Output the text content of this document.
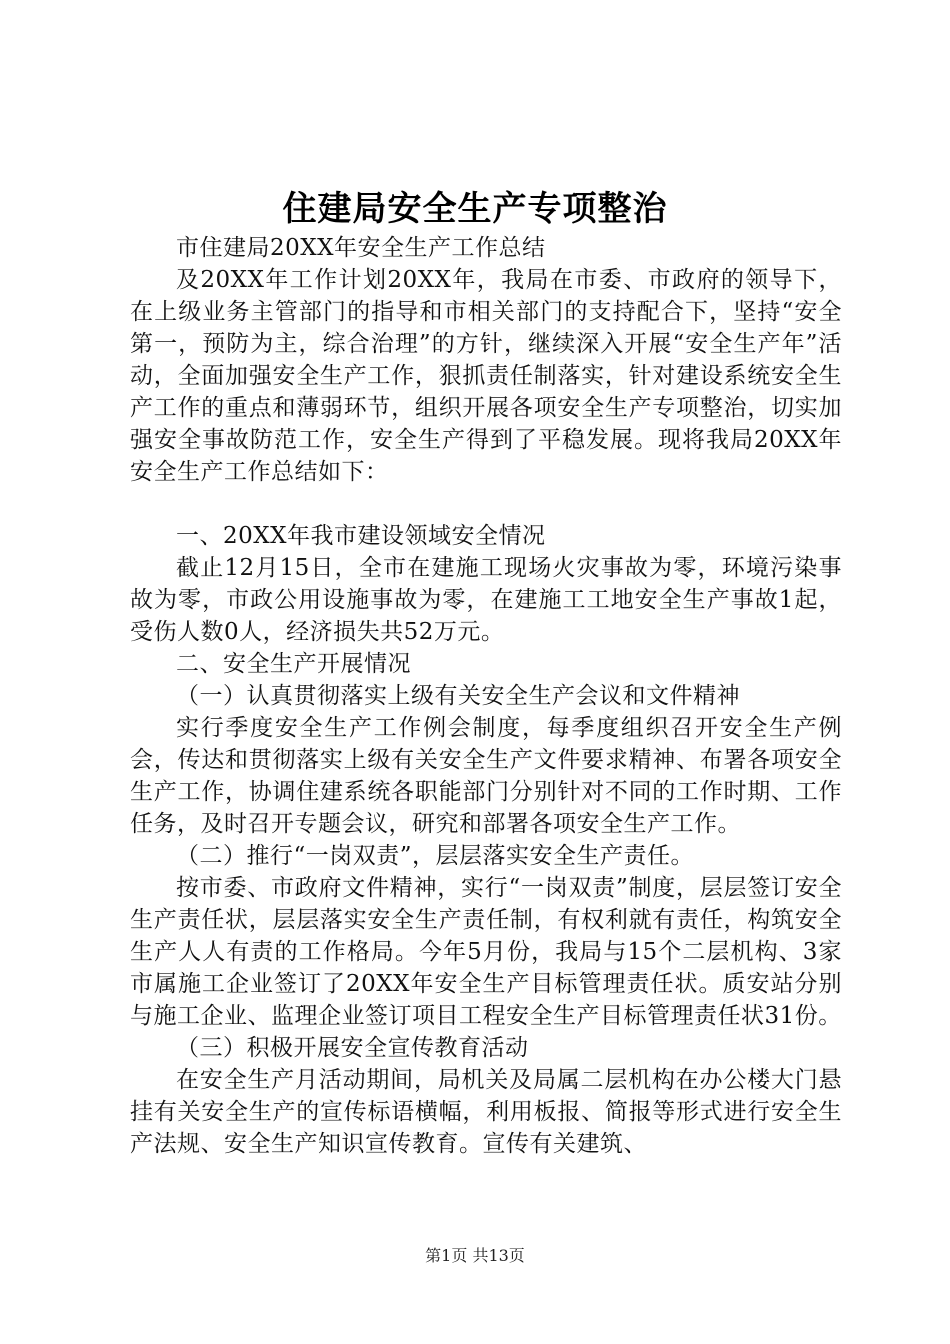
住建局安全生产专项整治

市住建局20XX年安全生产工作总结

及20XX年工作计划20XX年，我局在市委、市政府的领导下，在上级业务主管部门的指导和市相关部门的支持配合下，坚持“安全第一，预防为主，综合治理”的方针，继续深入开展“安全生产年”活动，全面加强安全生产工作，狠抓责任制落实，针对建设系统安全生产工作的重点和薄弱环节，组织开展各项安全生产专项整治，切实加强安全事故防范工作，安全生产得到了平稳发展。现将我局20XX年安全生产工作总结如下：

一、20XX年我市建设领域安全情况

截止12月15日，全市在建施工现场火灾事故为零，环境污染事故为零，市政公用设施事故为零，在建施工工地安全生产事故1起，受伤人数0人，经济损失共52万元。

二、安全生产开展情况

（一）认真贯彻落实上级有关安全生产会议和文件精神

实行季度安全生产工作例会制度，每季度组织召开安全生产例会，传达和贯彻落实上级有关安全生产文件要求精神、布署各项安全生产工作，协调住建系统各职能部门分别针对不同的工作时期、工作任务，及时召开专题会议，研究和部署各项安全生产工作。

（二）推行“一岗双责”，层层落实安全生产责任。

按市委、市政府文件精神，实行“一岗双责”制度，层层签订安全生产责任状，层层落实安全生产责任制，有权利就有责任，构筑安全生产人人有责的工作格局。今年5月份，我局与15个二层机构、3家市属施工企业签订了20XX年安全生产目标管理责任状。质安站分别与施工企业、监理企业签订项目工程安全生产目标管理责任状31份。

（三）积极开展安全宣传教育活动

在安全生产月活动期间，局机关及局属二层机构在办公楼大门悬挂有关安全生产的宣传标语横幅，利用板报、简报等形式进行安全生产法规、安全生产知识宣传教育。宣传有关建筑、

第1页 共13页
